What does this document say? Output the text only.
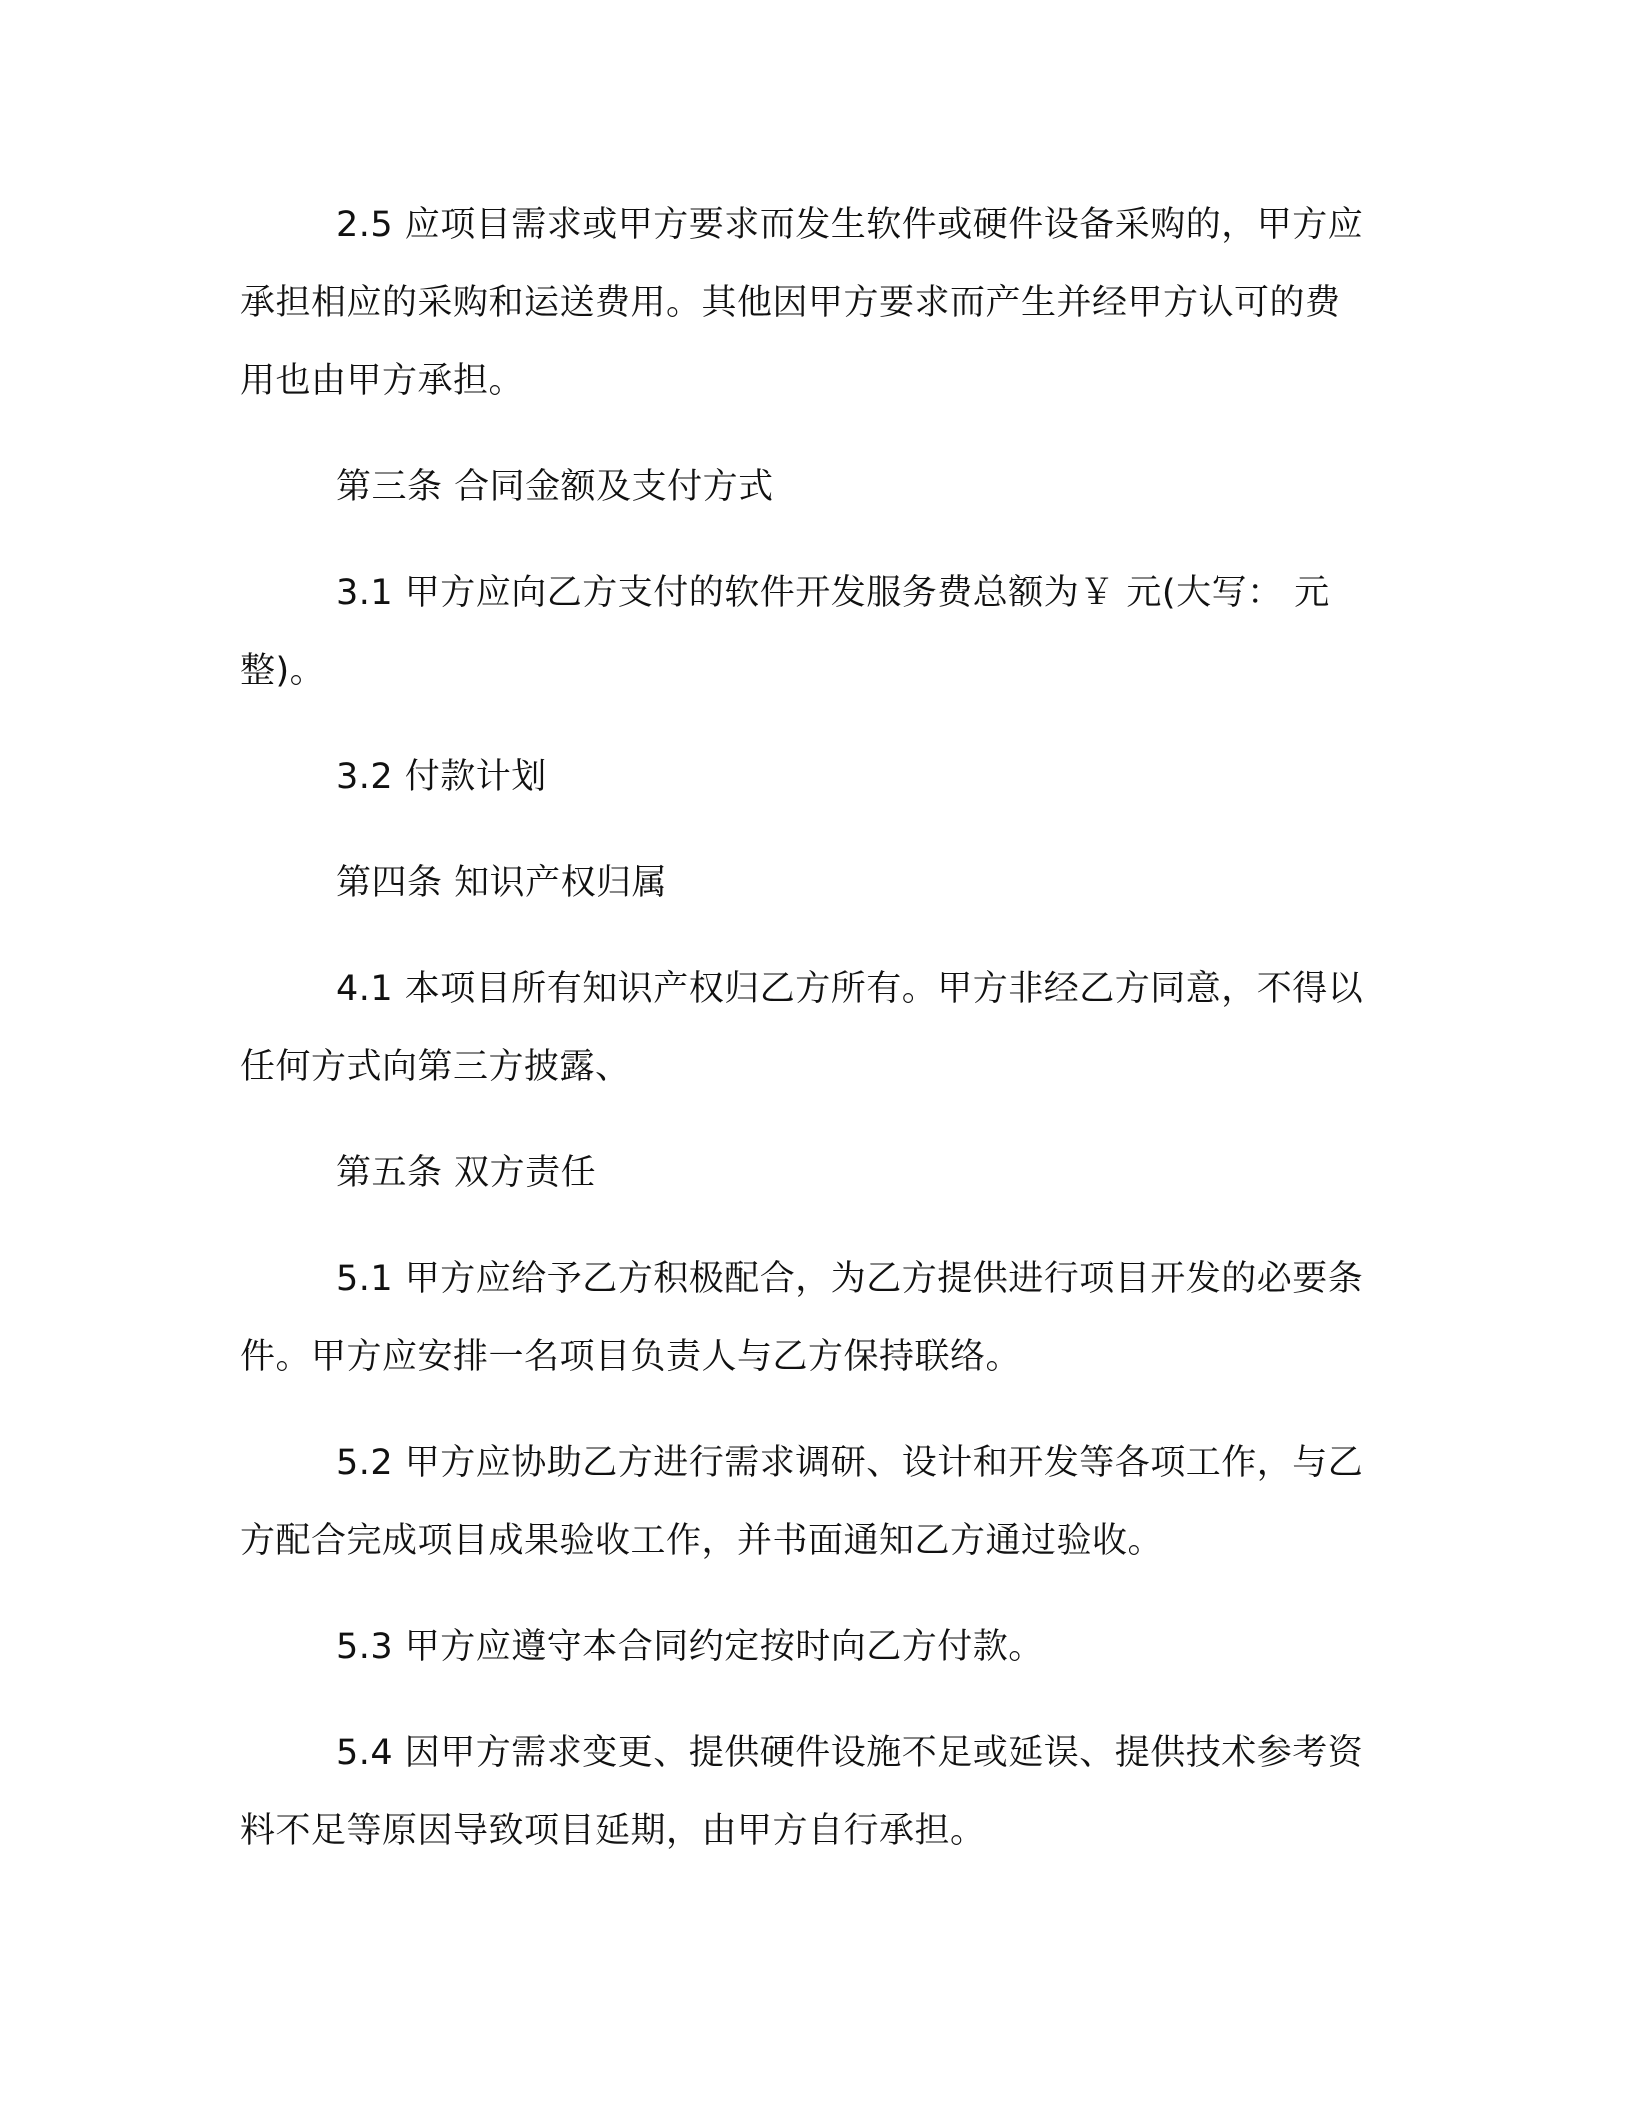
2.5 应项目需求或甲方要求而发生软件或硬件设备采购的，甲方应承担相应的采购和运送费用。其他因甲方要求而产生并经甲方认可的费用也由甲方承担。

第三条 合同金额及支付方式

3.1 甲方应向乙方支付的软件开发服务费总额为￥ 元(大写： 元整)。

3.2 付款计划

第四条 知识产权归属

4.1 本项目所有知识产权归乙方所有。甲方非经乙方同意，不得以任何方式向第三方披露、

第五条 双方责任

5.1 甲方应给予乙方积极配合，为乙方提供进行项目开发的必要条件。甲方应安排一名项目负责人与乙方保持联络。

5.2 甲方应协助乙方进行需求调研、设计和开发等各项工作，与乙方配合完成项目成果验收工作，并书面通知乙方通过验收。

5.3 甲方应遵守本合同约定按时向乙方付款。

5.4 因甲方需求变更、提供硬件设施不足或延误、提供技术参考资料不足等原因导致项目延期，由甲方自行承担。
